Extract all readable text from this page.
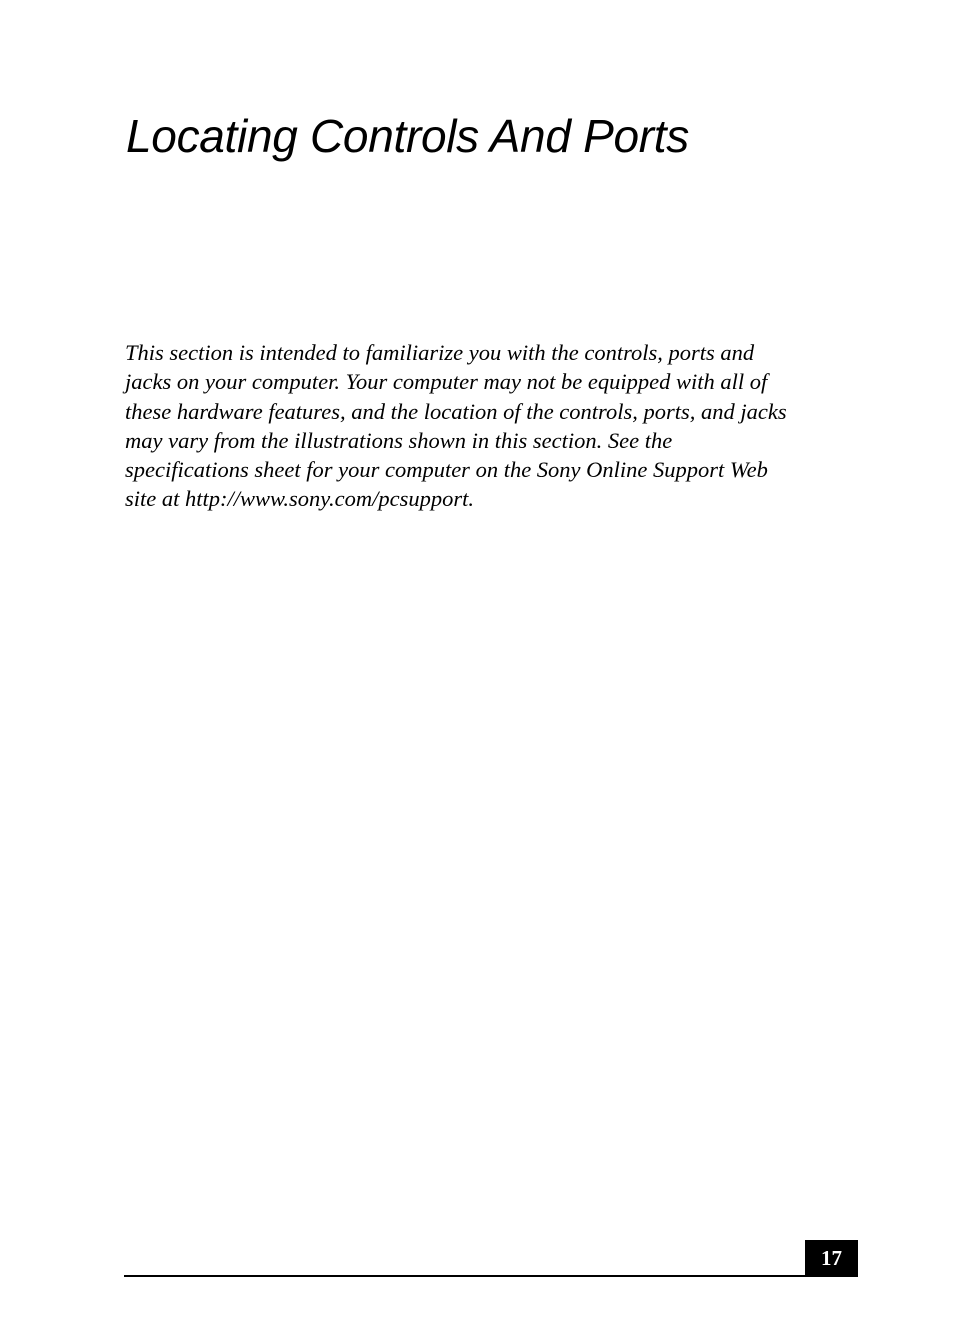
Locating Controls And Ports
This section is intended to familiarize you with the controls, ports and
jacks on your computer. Your computer may not be equipped with all of
these hardware features, and the location of the controls, ports, and jacks
may vary from the illustrations shown in this section. See the
specifications sheet for your computer on the Sony Online Support Web
site at http://www.sony.com/pcsupport.
17
